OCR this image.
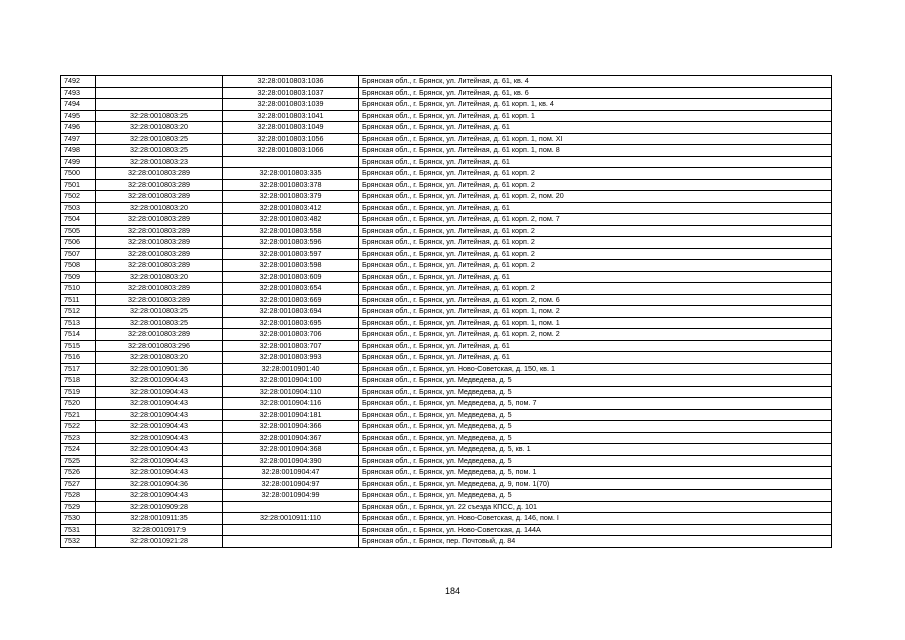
7492		32:28:0010803:1036	Брянская обл., г. Брянск, ул. Литейная, д. 61, кв. 4
7493		32:28:0010803:1037	Брянская обл., г. Брянск, ул. Литейная, д. 61, кв. 6
7494		32:28:0010803:1039	Брянская обл., г. Брянск, ул. Литейная, д. 61 корп. 1, кв. 4
7495	32:28:0010803:25	32:28:0010803:1041	Брянская обл., г. Брянск, ул. Литейная, д. 61 корп. 1
7496	32:28:0010803:20	32:28:0010803:1049	Брянская обл., г. Брянск, ул. Литейная, д. 61
7497	32:28:0010803:25	32:28:0010803:1056	Брянская обл., г. Брянск, ул. Литейная, д. 61 корп. 1, пом. XI
7498	32:28:0010803:25	32:28:0010803:1066	Брянская обл., г. Брянск, ул. Литейная, д. 61 корп. 1, пом. 8
7499	32:28:0010803:23		Брянская обл., г. Брянск, ул. Литейная, д. 61
7500	32:28:0010803:289	32:28:0010803:335	Брянская обл., г. Брянск, ул. Литейная, д. 61 корп. 2
7501	32:28:0010803:289	32:28:0010803:378	Брянская обл., г. Брянск, ул. Литейная, д. 61 корп. 2
7502	32:28:0010803:289	32:28:0010803:379	Брянская обл., г. Брянск, ул. Литейная, д. 61 корп. 2, пом. 20
7503	32:28:0010803:20	32:28:0010803:412	Брянская обл., г. Брянск, ул. Литейная, д. 61
7504	32:28:0010803:289	32:28:0010803:482	Брянская обл., г. Брянск, ул. Литейная, д. 61 корп. 2, пом. 7
7505	32:28:0010803:289	32:28:0010803:558	Брянская обл., г. Брянск, ул. Литейная, д. 61 корп. 2
7506	32:28:0010803:289	32:28:0010803:596	Брянская обл., г. Брянск, ул. Литейная, д. 61 корп. 2
7507	32:28:0010803:289	32:28:0010803:597	Брянская обл., г. Брянск, ул. Литейная, д. 61 корп. 2
7508	32:28:0010803:289	32:28:0010803:598	Брянская обл., г. Брянск, ул. Литейная, д. 61 корп. 2
7509	32:28:0010803:20	32:28:0010803:609	Брянская обл., г. Брянск, ул. Литейная, д. 61
7510	32:28:0010803:289	32:28:0010803:654	Брянская обл., г. Брянск, ул. Литейная, д. 61 корп. 2
7511	32:28:0010803:289	32:28:0010803:669	Брянская обл., г. Брянск, ул. Литейная, д. 61 корп. 2, пом. 6
7512	32:28:0010803:25	32:28:0010803:694	Брянская обл., г. Брянск, ул. Литейная, д. 61 корп. 1, пом. 2
7513	32:28:0010803:25	32:28:0010803:695	Брянская обл., г. Брянск, ул. Литейная, д. 61 корп. 1, пом. 1
7514	32:28:0010803:289	32:28:0010803:706	Брянская обл., г. Брянск, ул. Литейная, д. 61 корп. 2, пом. 2
7515	32:28:0010803:296	32:28:0010803:707	Брянская обл., г. Брянск, ул. Литейная, д. 61
7516	32:28:0010803:20	32:28:0010803:993	Брянская обл., г. Брянск, ул. Литейная, д. 61
7517	32:28:0010901:36	32:28:0010901:40	Брянская обл., г. Брянск, ул. Ново-Советская, д. 150, кв. 1
7518	32:28:0010904:43	32:28:0010904:100	Брянская обл., г. Брянск, ул. Медведева, д. 5
7519	32:28:0010904:43	32:28:0010904:110	Брянская обл., г. Брянск, ул. Медведева, д. 5
7520	32:28:0010904:43	32:28:0010904:116	Брянская обл., г. Брянск, ул. Медведева, д. 5, пом. 7
7521	32:28:0010904:43	32:28:0010904:181	Брянская обл., г. Брянск, ул. Медведева, д. 5
7522	32:28:0010904:43	32:28:0010904:366	Брянская обл., г. Брянск, ул. Медведева, д. 5
7523	32:28:0010904:43	32:28:0010904:367	Брянская обл., г. Брянск, ул. Медведева, д. 5
7524	32:28:0010904:43	32:28:0010904:368	Брянская обл., г. Брянск, ул. Медведева, д. 5, кв. 1
7525	32:28:0010904:43	32:28:0010904:390	Брянская обл., г. Брянск, ул. Медведева, д. 5
7526	32:28:0010904:43	32:28:0010904:47	Брянская обл., г. Брянск, ул. Медведева, д. 5, пом. 1
7527	32:28:0010904:36	32:28:0010904:97	Брянская обл., г. Брянск, ул. Медведева, д. 9, пом. 1(70)
7528	32:28:0010904:43	32:28:0010904:99	Брянская обл., г. Брянск, ул. Медведева, д. 5
7529	32:28:0010909:28		Брянская обл., г. Брянск, ул. 22 съезда КПСС, д. 101
7530	32:28:0010911:35	32:28:0010911:110	Брянская обл., г. Брянск, ул. Ново-Советская, д. 146, пом. I
7531	32:28:0010917:9		Брянская обл., г. Брянск, ул. Ново-Советская, д. 144А
7532	32:28:0010921:28		Брянская обл., г. Брянск, пер. Почтовый, д. 84
184
